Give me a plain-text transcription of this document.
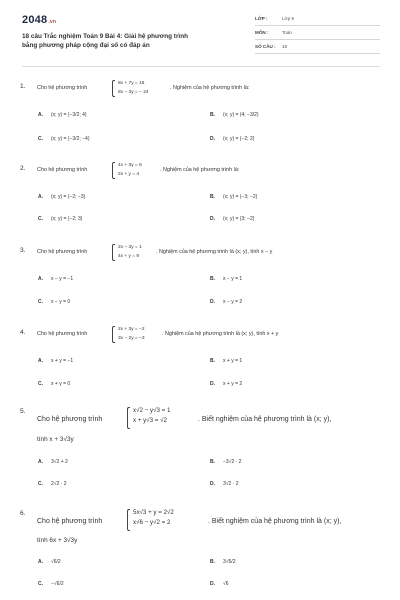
2048.vn
18 câu Trắc nghiệm Toán 9 Bài 4: Giải hệ phương trình
bằng phương pháp cộng đại số có đáp án
LỚP :	Lớp 9
MÔN :	Toán
SỐ CÂU :	18
1. Cho hệ phương trình
8x + 7y = 16
8x − 3y = − 24
. Nghiệm của hệ phương trình là:
A. (x; y) = (−3/2; 4)	B. (x; y) = (4; −3/2)
C. (x; y) = (−3/2; −4)	D. (x; y) = (−2; 2)
2. Cho hệ phương trình
4x + 3y = 6
2x + y = 4
. Nghiệm của hệ phương trình là:
A. (x; y) = (−2; −3)	B. (x; y) = (−3; −2)
C. (x; y) = (−2; 3)	D. (x; y) = (3; −2)
3. Cho hệ phương trình
2x − 3y = 1
4x + y = 9
. Nghiệm của hệ phương trình là (x; y), tính x − y
A. x − y = −1	B. x − y = 1
C. x − y = 0	D. x − y = 2
4. Cho hệ phương trình
2x + 3y = −2
3x − 2y = −3
. Nghiệm của hệ phương trình là (x; y), tính x + y
A. x + y = −1	B. x + y = 1
C. x + y = 0	D. x + y = 2
5.
Cho hệ phương trình
x√2 − y√3 = 1
x + y√3 = √2	. Biết nghiệm của hệ phương trình là (x; y),
tính x + 3√3y
A. 3√2 + 2	B. −3√2 · 2
C. 2√2 · 2	D. 3√2 · 2
6.
Cho hệ phương trình
5x√3 + y = 2√2
x√6 − y√2 = 2	. Biết nghiệm của hệ phương trình là (x; y),
tính 6x + 3√3y
A. √6/2	B. 3√6/2
C. −√6/2	D. √6
